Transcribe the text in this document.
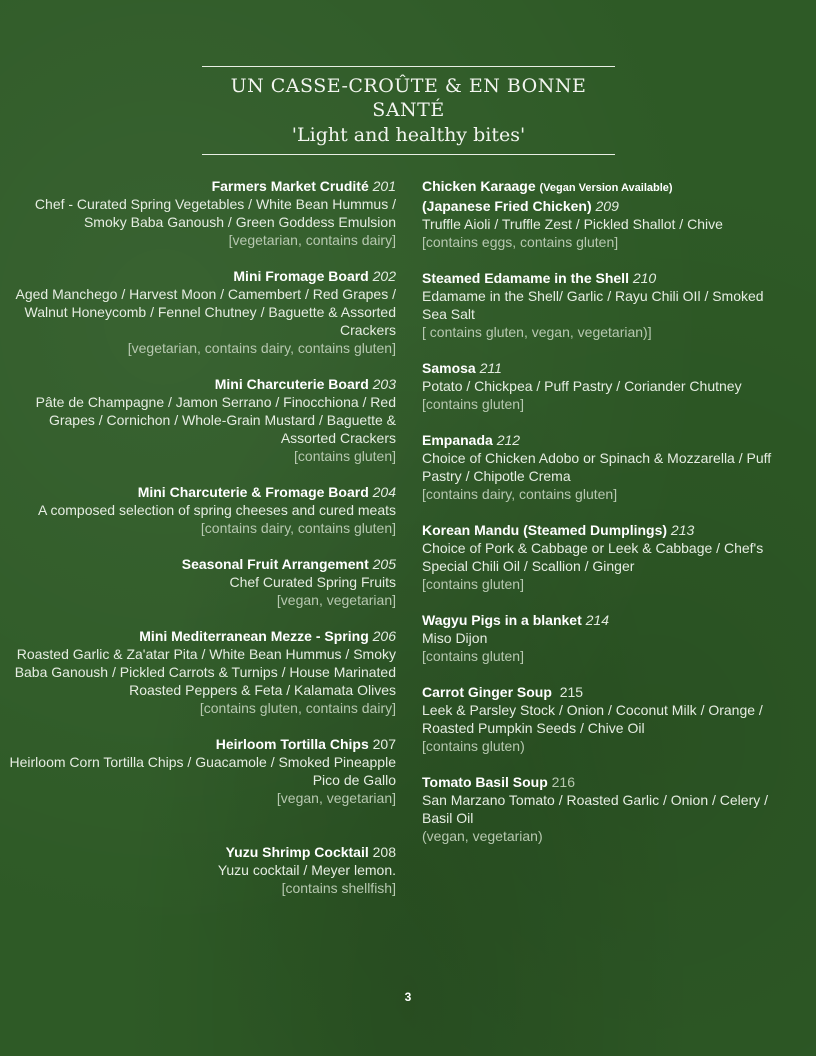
UN CASSE-CROÛTE & EN BONNE SANTÉ
'Light and healthy bites'
Farmers Market Crudité 201
Chef - Curated Spring Vegetables / White Bean Hummus / Smoky Baba Ganoush / Green Goddess Emulsion
[vegetarian, contains dairy]
Mini Fromage Board 202
Aged Manchego / Harvest Moon / Camembert / Red Grapes / Walnut Honeycomb / Fennel Chutney / Baguette & Assorted Crackers
[vegetarian, contains dairy, contains gluten]
Mini Charcuterie Board 203
Pâte de Champagne / Jamon Serrano / Finocchiona / Red Grapes / Cornichon / Whole-Grain Mustard / Baguette & Assorted Crackers
[contains gluten]
Mini Charcuterie & Fromage Board 204
A composed selection of spring cheeses and cured meats
[contains dairy, contains gluten]
Seasonal Fruit Arrangement 205
Chef Curated Spring Fruits
[vegan, vegetarian]
Mini Mediterranean Mezze - Spring 206
Roasted Garlic & Za'atar Pita / White Bean Hummus / Smoky Baba Ganoush / Pickled Carrots & Turnips / House Marinated Roasted Peppers & Feta / Kalamata Olives
[contains gluten, contains dairy]
Heirloom Tortilla Chips 207
Heirloom Corn Tortilla Chips / Guacamole / Smoked Pineapple Pico de Gallo
[vegan, vegetarian]
Yuzu Shrimp Cocktail 208
Yuzu cocktail / Meyer lemon.
[contains shellfish]
Chicken Karaage (Vegan Version Available)
(Japanese Fried Chicken) 209
Truffle Aioli / Truffle Zest / Pickled Shallot / Chive
[contains eggs, contains gluten]
Steamed Edamame in the Shell 210
Edamame in the Shell/ Garlic / Rayu Chili OIl / Smoked Sea Salt
[ contains gluten, vegan, vegetarian)]
Samosa 211
Potato / Chickpea / Puff Pastry / Coriander Chutney
[contains gluten]
Empanada 212
Choice of Chicken Adobo or Spinach & Mozzarella / Puff Pastry / Chipotle Crema
[contains dairy, contains gluten]
Korean Mandu (Steamed Dumplings) 213
Choice of Pork & Cabbage or Leek & Cabbage / Chef's Special Chili Oil / Scallion / Ginger
[contains gluten]
Wagyu Pigs in a blanket 214
Miso Dijon
[contains gluten]
Carrot Ginger Soup 215
Leek & Parsley Stock / Onion / Coconut Milk / Orange / Roasted Pumpkin Seeds / Chive Oil
[contains gluten)
Tomato Basil Soup 216
San Marzano Tomato / Roasted Garlic / Onion / Celery / Basil Oil
(vegan, vegetarian)
3
